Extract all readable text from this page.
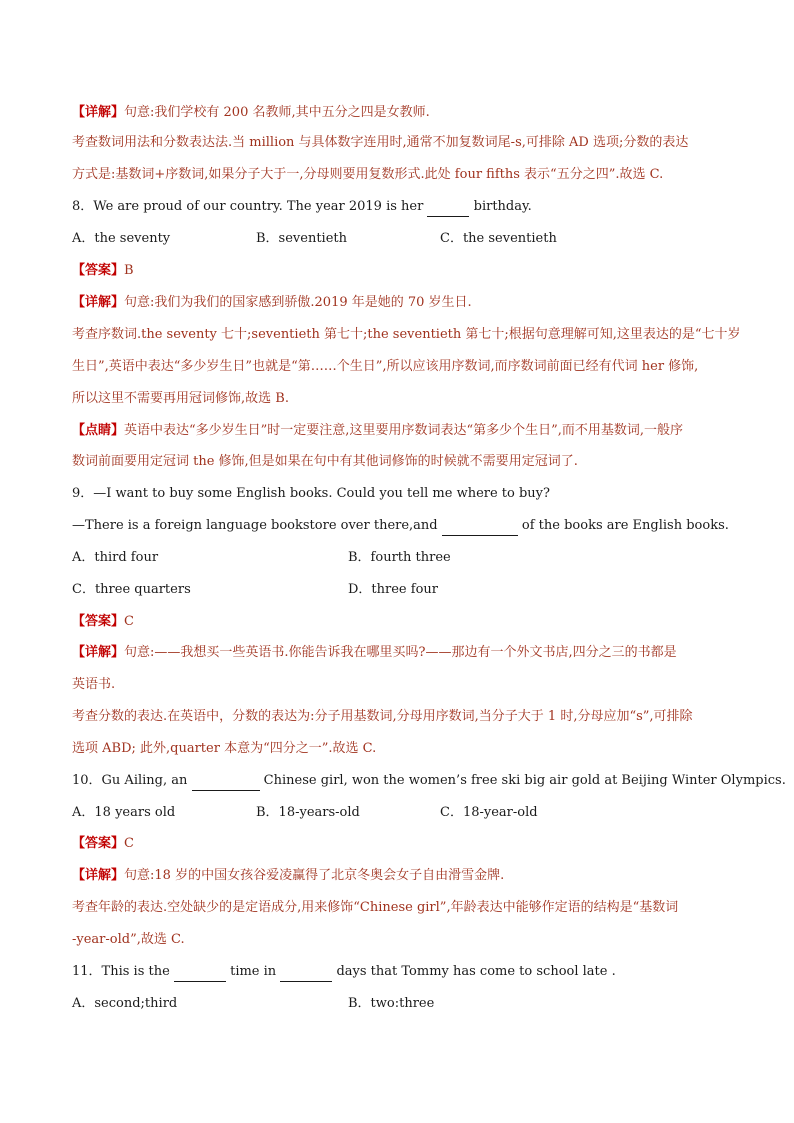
【详解】句意:我们学校有 200 名教师,其中五分之四是女教师.
考查数词用法和分数表达法.当 million 与具体数字连用时,通常不加复数词尾-s,可排除 AD 选项;分数的表达
方式是:基数词+序数词,如果分子大于一,分母则要用复数形式.此处 four fifths 表示“五分之四”.故选 C.
8．We are proud of our country. The year 2019 is her	birthday.
A．the seventy	B．seventieth	C．the seventieth
【答案】B
【详解】句意:我们为我们的国家感到骄傲.2019 年是她的 70 岁生日.
考查序数词.the seventy 七十;seventieth 第七十;the seventieth 第七十;根据句意理解可知,这里表达的是“七十岁
生日”,英语中表达“多少岁生日”也就是“第……个生日”,所以应该用序数词,而序数词前面已经有代词 her 修饰,
所以这里不需要再用冠词修饰,故选 B.
【点睛】英语中表达“多少岁生日”时一定要注意,这里要用序数词表达“第多少个生日”,而不用基数词,一般序
数词前面要用定冠词 the 修饰,但是如果在句中有其他词修饰的时候就不需要用定冠词了.
9．—I want to buy some English books. Could you tell me where to buy?
—There is a foreign language bookstore over there,and	of the books are English books.
A．third four	B．fourth three
C．three quarters	D．three four
【答案】C
【详解】句意:——我想买一些英语书.你能告诉我在哪里买吗?——那边有一个外文书店,四分之三的书都是
英语书.
考查分数的表达.在英语中，分数的表达为:分子用基数词,分母用序数词,当分子大于 1 时,分母应加“s”,可排除
选项 ABD; 此外,quarter 本意为“四分之一”.故选 C.
10．Gu Ailing, an	Chinese girl, won the women’s free ski big air gold at Beijing Winter Olympics.
A．18 years old	B．18-years-old	C．18-year-old
【答案】C
【详解】句意:18 岁的中国女孩谷爱凌赢得了北京冬奥会女子自由滑雪金牌.
考查年龄的表达.空处缺少的是定语成分,用来修饰“Chinese girl”,年龄表达中能够作定语的结构是“基数词
-year-old”,故选 C.
11．This is the	time in	days that Tommy has come to school late .
A．second;third	B．two:three
